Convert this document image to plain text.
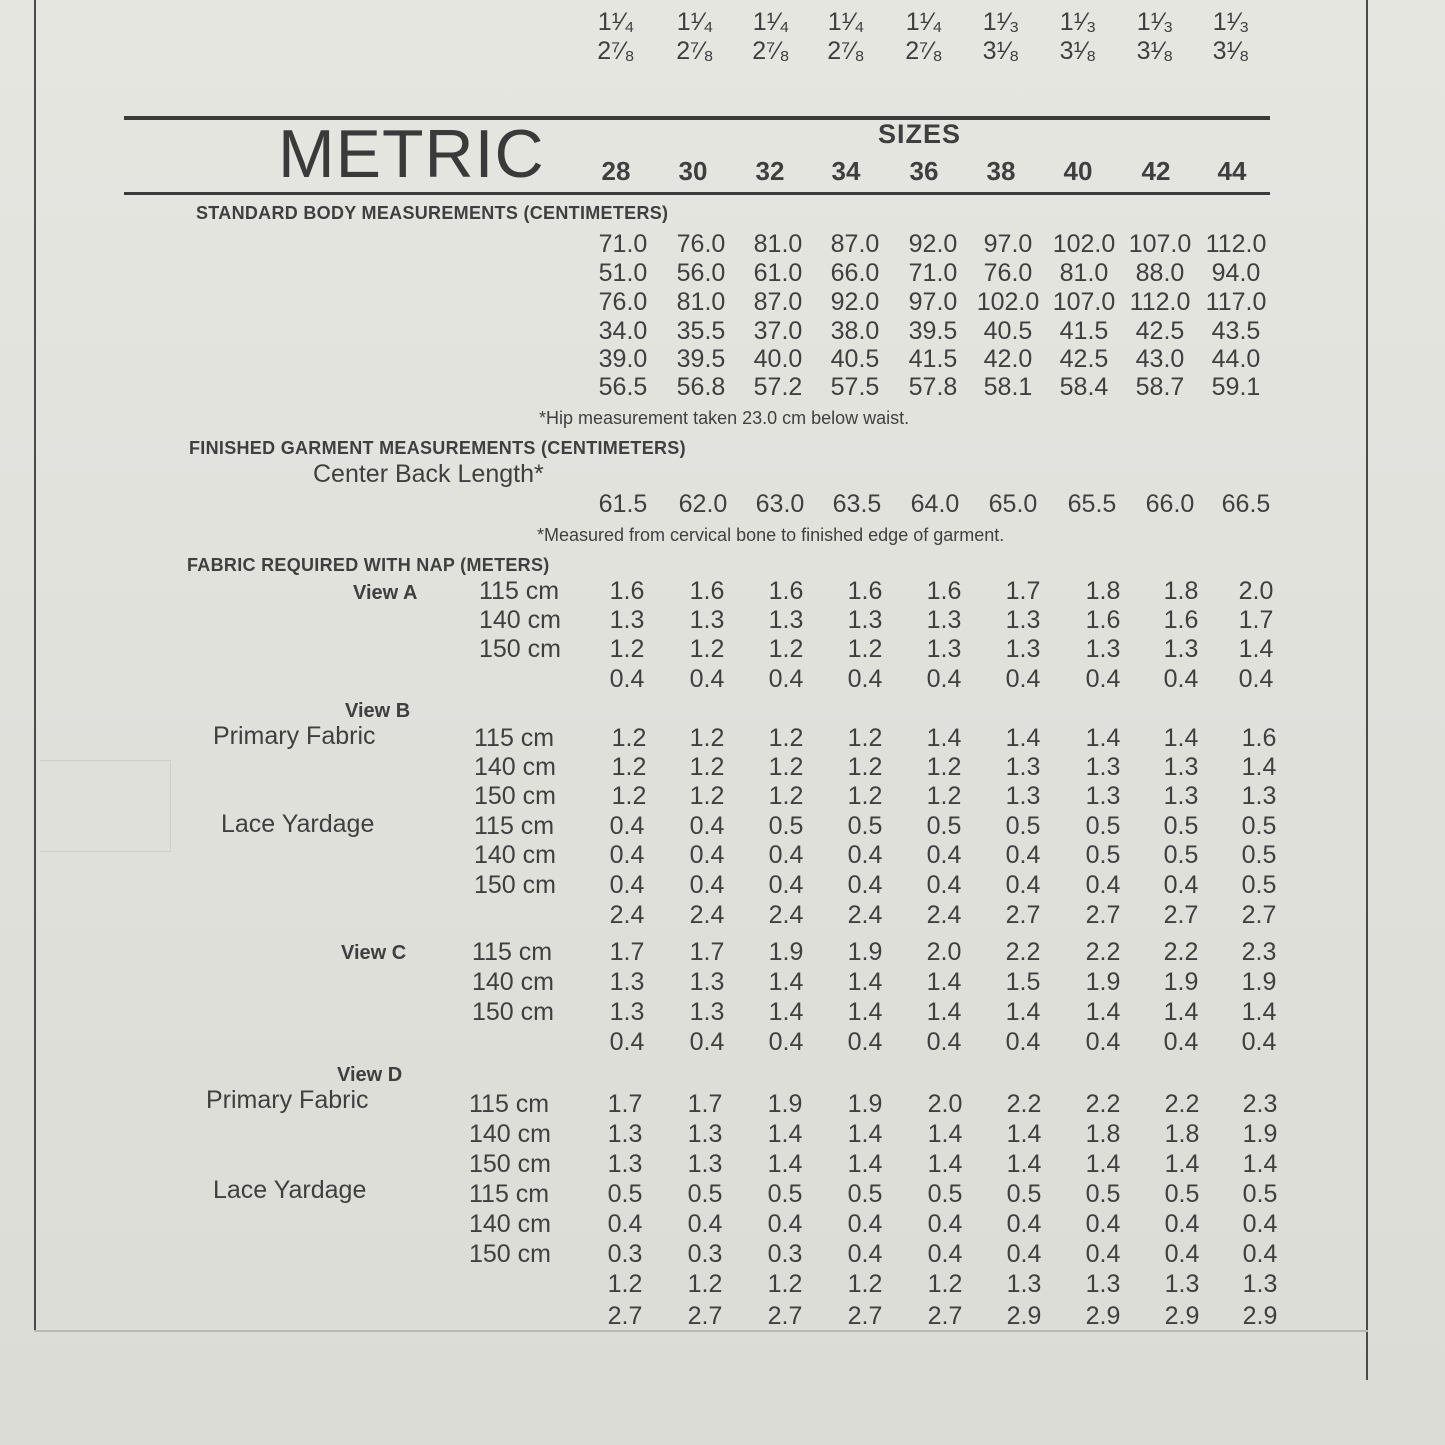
1¹⁄₄	1¹⁄₄	1¹⁄₄	1¹⁄₄	1¹⁄₄	1¹⁄₃	1¹⁄₃	1¹⁄₃	1¹⁄₃
2⁷⁄₈	2⁷⁄₈	2⁷⁄₈	2⁷⁄₈	2⁷⁄₈	3¹⁄₈	3¹⁄₈	3¹⁄₈	3¹⁄₈
METRIC	SIZES
28	30	32	34	36	38	40	42	44
STANDARD BODY MEASUREMENTS (CENTIMETERS)
71.0	76.0	81.0	87.0	92.0	97.0 102.0 107.0 112.0
51.0	56.0	61.0	66.0	71.0	76.0	81.0	88.0	94.0
76.0	81.0	87.0	92.0	97.0 102.0 107.0 112.0 117.0
34.0	35.5	37.0	38.0	39.5	40.5	41.5	42.5	43.5
39.0	39.5	40.0	40.5	41.5	42.0	42.5	43.0	44.0
56.5	56.8	57.2	57.5	57.8	58.1	58.4	58.7	59.1
*Hip measurement taken 23.0 cm below waist.
FINISHED GARMENT MEASUREMENTS (CENTIMETERS)
Center Back Length*
61.5	62.0	63.0	63.5	64.0	65.0	65.5	66.0	66.5
*Measured from cervical bone to finished edge of garment.
FABRIC REQUIRED WITH NAP (METERS)
View A 115 cm	1.6	1.6	1.6	1.6	1.6	1.7	1.8	1.8	2.0
140 cm	1.3	1.3	1.3	1.3	1.3	1.3	1.6	1.6	1.7
150 cm	1.2	1.2	1.2	1.2	1.3	1.3	1.3	1.3	1.4
0.4	0.4	0.4	0.4	0.4	0.4	0.4	0.4	0.4
View B
Primary Fabric
Lace Yardage
115 cm	1.2	1.2	1.2	1.2	1.4	1.4	1.4	1.4	1.6
140 cm	1.2	1.2	1.2	1.2	1.2	1.3	1.3	1.3	1.4
150 cm	1.2	1.2	1.2	1.2	1.2	1.3	1.3	1.3	1.3
115 cm	0.4	0.4	0.5	0.5	0.5	0.5	0.5	0.5	0.5
140 cm	0.4	0.4	0.4	0.4	0.4	0.4	0.5	0.5	0.5
150 cm	0.4	0.4	0.4	0.4	0.4	0.4	0.4	0.4	0.5
2.4	2.4	2.4	2.4	2.4	2.7	2.7	2.7	2.7
View C	115 cm	1.7	1.7	1.9	1.9	2.0	2.2	2.2	2.2	2.3
140 cm	1.3	1.3	1.4	1.4	1.4	1.5	1.9	1.9	1.9
150 cm	1.3	1.3	1.4	1.4	1.4	1.4	1.4	1.4	1.4
0.4	0.4	0.4	0.4	0.4	0.4	0.4	0.4	0.4
View D
Primary Fabric
Lace Yardage
115 cm	1.7	1.7	1.9	1.9	2.0	2.2	2.2	2.2	2.3
140 cm	1.3	1.3	1.4	1.4	1.4	1.4	1.8	1.8	1.9
150 cm	1.3	1.3	1.4	1.4	1.4	1.4	1.4	1.4	1.4
115 cm	0.5	0.5	0.5	0.5	0.5	0.5	0.5	0.5	0.5
140 cm	0.4	0.4	0.4	0.4	0.4	0.4	0.4	0.4	0.4
150 cm	0.3	0.3	0.3	0.4	0.4	0.4	0.4	0.4	0.4
1.2	1.2	1.2	1.2	1.2	1.3	1.3	1.3	1.3
2.7	2.7	2.7	2.7	2.7	2.9	2.9	2.9	2.9
